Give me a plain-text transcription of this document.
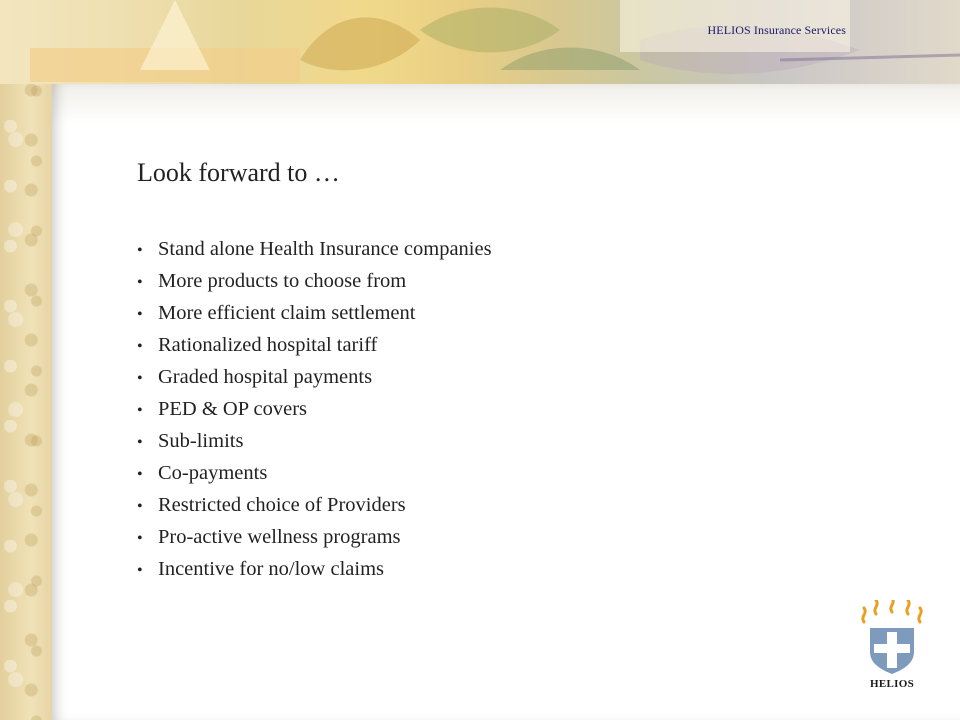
HELIOS Insurance Services
Look forward to …
• Stand alone Health Insurance companies
• More products to choose from
• More efficient claim settlement
• Rationalized hospital tariff
• Graded hospital payments
• PED & OP covers
• Sub-limits
• Co-payments
• Restricted choice of Providers
• Pro-active wellness programs
• Incentive for no/low claims
HELIOS
